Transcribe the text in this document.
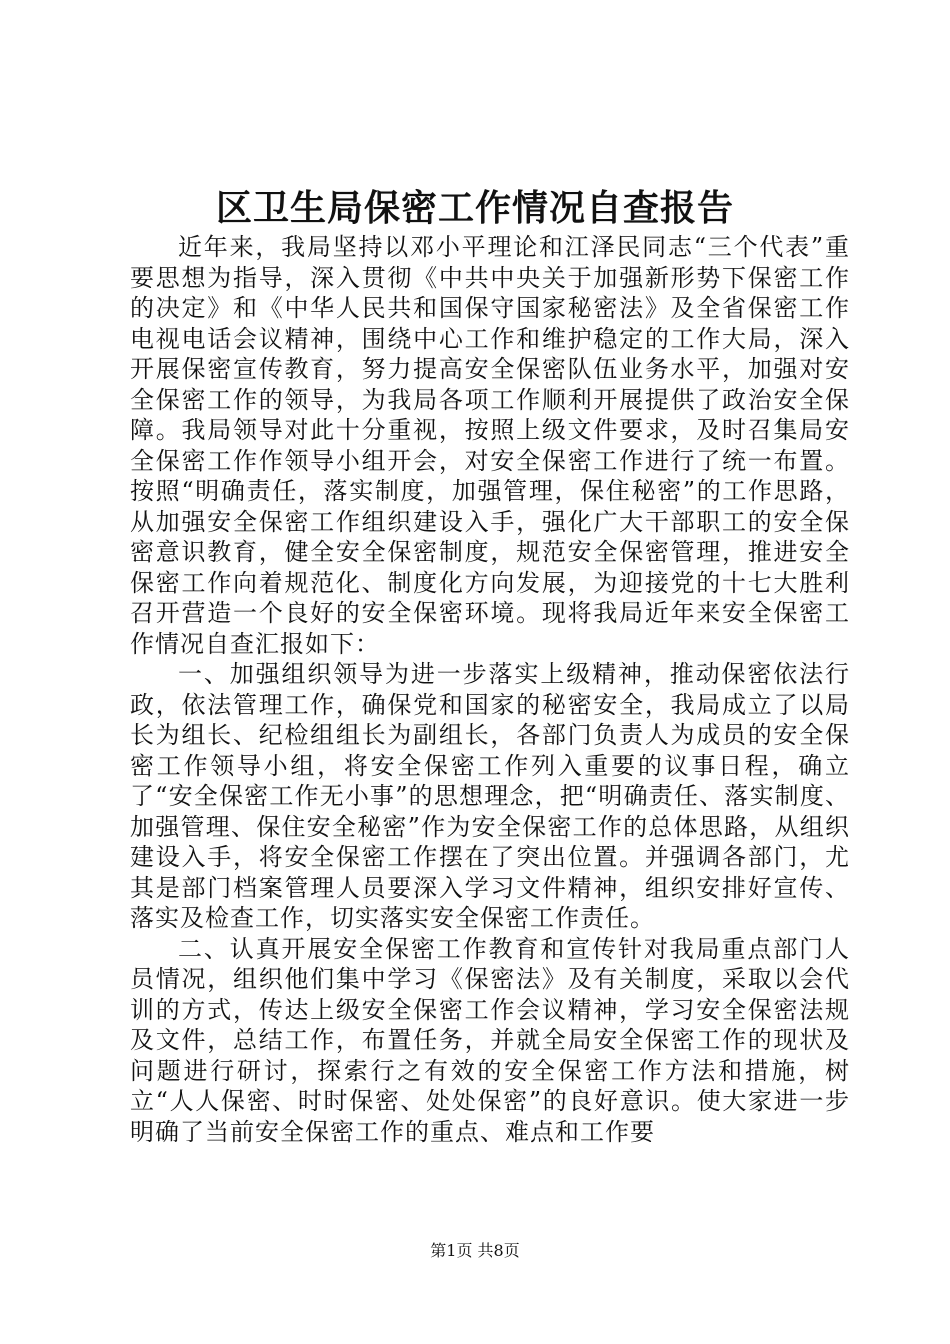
区卫生局保密工作情况自查报告

近年来，我局坚持以邓小平理论和江泽民同志“三个代表”重要思想为指导，深入贯彻《中共中央关于加强新形势下保密工作的决定》和《中华人民共和国保守国家秘密法》及全省保密工作电视电话会议精神，围绕中心工作和维护稳定的工作大局，深入开展保密宣传教育，努力提高安全保密队伍业务水平，加强对安全保密工作的领导，为我局各项工作顺利开展提供了政治安全保障。我局领导对此十分重视，按照上级文件要求，及时召集局安全保密工作作领导小组开会，对安全保密工作进行了统一布置。按照“明确责任，落实制度，加强管理，保住秘密”的工作思路，从加强安全保密工作组织建设入手，强化广大干部职工的安全保密意识教育，健全安全保密制度，规范安全保密管理，推进安全保密工作向着规范化、制度化方向发展，为迎接党的十七大胜利召开营造一个良好的安全保密环境。现将我局近年来安全保密工作情况自查汇报如下：

一、加强组织领导为进一步落实上级精神，推动保密依法行政，依法管理工作，确保党和国家的秘密安全，我局成立了以局长为组长、纪检组组长为副组长，各部门负责人为成员的安全保密工作领导小组，将安全保密工作列入重要的议事日程，确立了“安全保密工作无小事”的思想理念，把“明确责任、落实制度、加强管理、保住安全秘密”作为安全保密工作的总体思路，从组织建设入手，将安全保密工作摆在了突出位置。并强调各部门，尤其是部门档案管理人员要深入学习文件精神，组织安排好宣传、落实及检查工作，切实落实安全保密工作责任。

二、认真开展安全保密工作教育和宣传针对我局重点部门人员情况，组织他们集中学习《保密法》及有关制度，采取以会代训的方式，传达上级安全保密工作会议精神，学习安全保密法规及文件，总结工作，布置任务，并就全局安全保密工作的现状及问题进行研讨，探索行之有效的安全保密工作方法和措施，树立“人人保密、时时保密、处处保密”的良好意识。使大家进一步明确了当前安全保密工作的重点、难点和工作要

第1页 共8页
